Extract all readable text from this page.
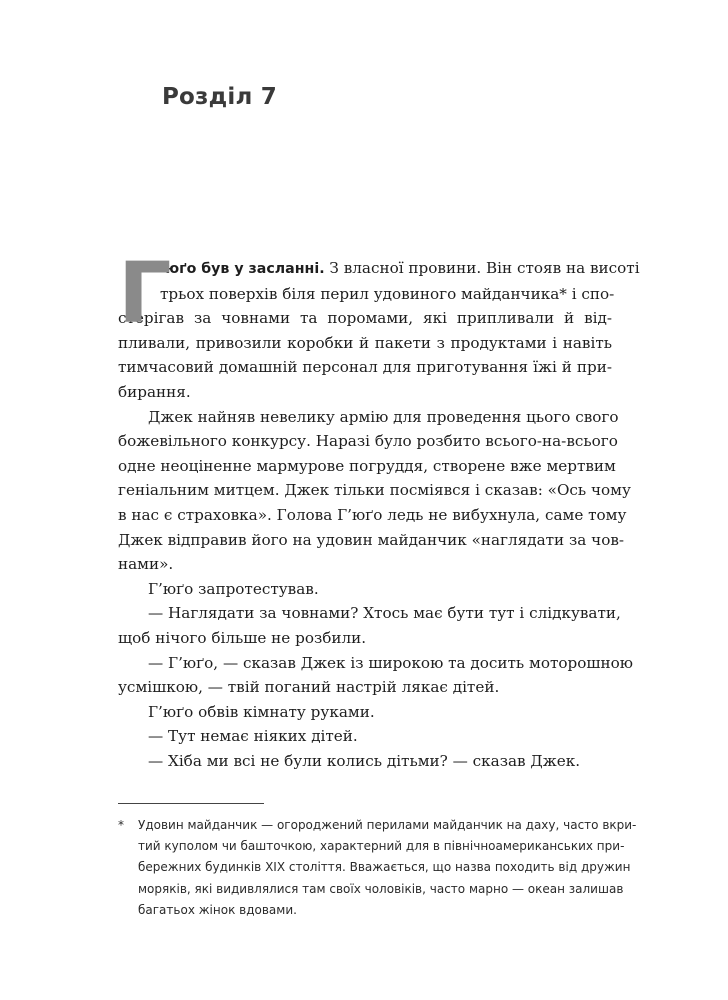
Розділ 7
Г
’юґо був у засланні. З власної провини. Він стояв на висоті
трьох поверхів біля перил удовиного майданчика* і спо-
стерігав за човнами та поромами, які припливали й від-
пливали, привозили коробки й пакети з продуктами і навіть
тимчасовий домашній персонал для приготування їжі й при-
бирання.
Джек найняв невелику армію для проведення цього свого
божевільного конкурсу. Наразі було розбито всього-на-всього
одне неоціненне мармурове погруддя, створене вже мертвим
геніальним митцем. Джек тільки посміявся і сказав: «Ось чому
в нас є страховка». Голова Г’юґо ледь не вибухнула, саме тому
Джек відправив його на удовин майданчик «наглядати за чов-
нами».
Г’юґо запротестував.
— Наглядати за човнами? Хтось має бути тут і слідкувати,
щоб нічого більше не розбили.
— Г’юґо, — сказав Джек із широкою та досить моторошною
усмішкою, — твій поганий настрій лякає дітей.
Г’юґо обвів кімнату руками.
— Тут немає ніяких дітей.
— Хіба ми всі не були колись дітьми? — сказав Джек.
*	Удовин майданчик — огороджений перилами майданчик на даху, часто вкри-
тий куполом чи башточкою, характерний для в північноамериканських при-
бережних будинків XIX століття. Вважається, що назва походить від дружин
моряків, які видивлялися там своїх чоловіків, часто марно — океан залишав
багатьох жінок вдовами.
